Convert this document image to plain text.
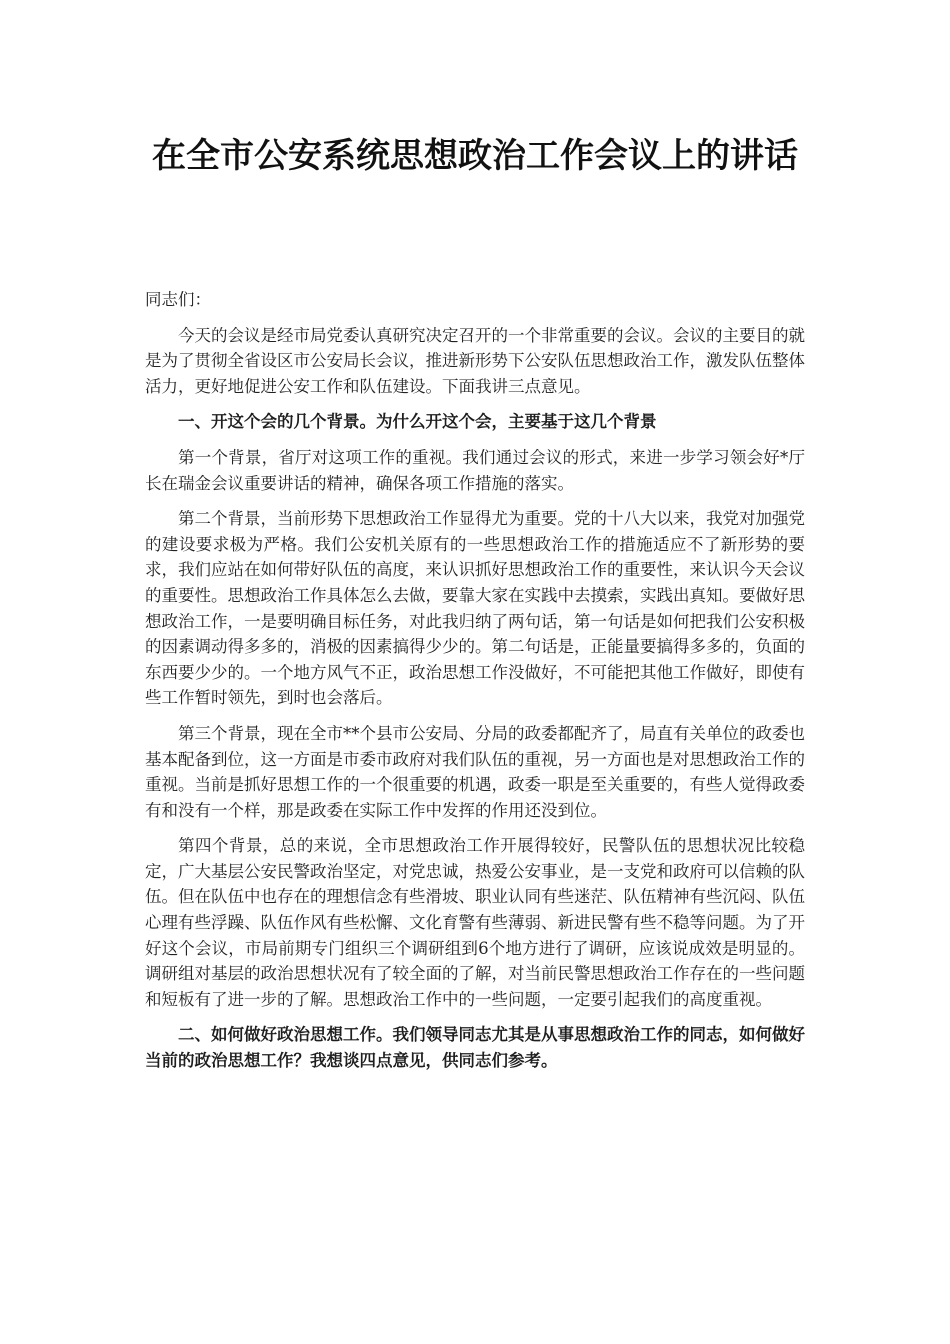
在全市公安系统思想政治工作会议上的讲话

同志们：

今天的会议是经市局党委认真研究决定召开的一个非常重要的会议。会议的主要目的就是为了贯彻全省设区市公安局长会议，推进新形势下公安队伍思想政治工作，激发队伍整体活力，更好地促进公安工作和队伍建设。下面我讲三点意见。

一、开这个会的几个背景。为什么开这个会，主要基于这几个背景

第一个背景，省厅对这项工作的重视。我们通过会议的形式，来进一步学习领会好*厅长在瑞金会议重要讲话的精神，确保各项工作措施的落实。

第二个背景，当前形势下思想政治工作显得尤为重要。党的十八大以来，我党对加强党的建设要求极为严格。我们公安机关原有的一些思想政治工作的措施适应不了新形势的要求，我们应站在如何带好队伍的高度，来认识抓好思想政治工作的重要性，来认识今天会议的重要性。思想政治工作具体怎么去做，要靠大家在实践中去摸索，实践出真知。要做好思想政治工作，一是要明确目标任务，对此我归纳了两句话，第一句话是如何把我们公安积极的因素调动得多多的，消极的因素搞得少少的。第二句话是，正能量要搞得多多的，负面的东西要少少的。一个地方风气不正，政治思想工作没做好，不可能把其他工作做好，即使有些工作暂时领先，到时也会落后。

第三个背景，现在全市**个县市公安局、分局的政委都配齐了，局直有关单位的政委也基本配备到位，这一方面是市委市政府对我们队伍的重视，另一方面也是对思想政治工作的重视。当前是抓好思想工作的一个很重要的机遇，政委一职是至关重要的，有些人觉得政委有和没有一个样，那是政委在实际工作中发挥的作用还没到位。

第四个背景，总的来说，全市思想政治工作开展得较好，民警队伍的思想状况比较稳定，广大基层公安民警政治坚定，对党忠诚，热爱公安事业，是一支党和政府可以信赖的队伍。但在队伍中也存在的理想信念有些滑坡、职业认同有些迷茫、队伍精神有些沉闷、队伍心理有些浮躁、队伍作风有些松懈、文化育警有些薄弱、新进民警有些不稳等问题。为了开好这个会议，市局前期专门组织三个调研组到6个地方进行了调研，应该说成效是明显的。调研组对基层的政治思想状况有了较全面的了解，对当前民警思想政治工作存在的一些问题和短板有了进一步的了解。思想政治工作中的一些问题，一定要引起我们的高度重视。

二、如何做好政治思想工作。我们领导同志尤其是从事思想政治工作的同志，如何做好当前的政治思想工作？我想谈四点意见，供同志们参考。
